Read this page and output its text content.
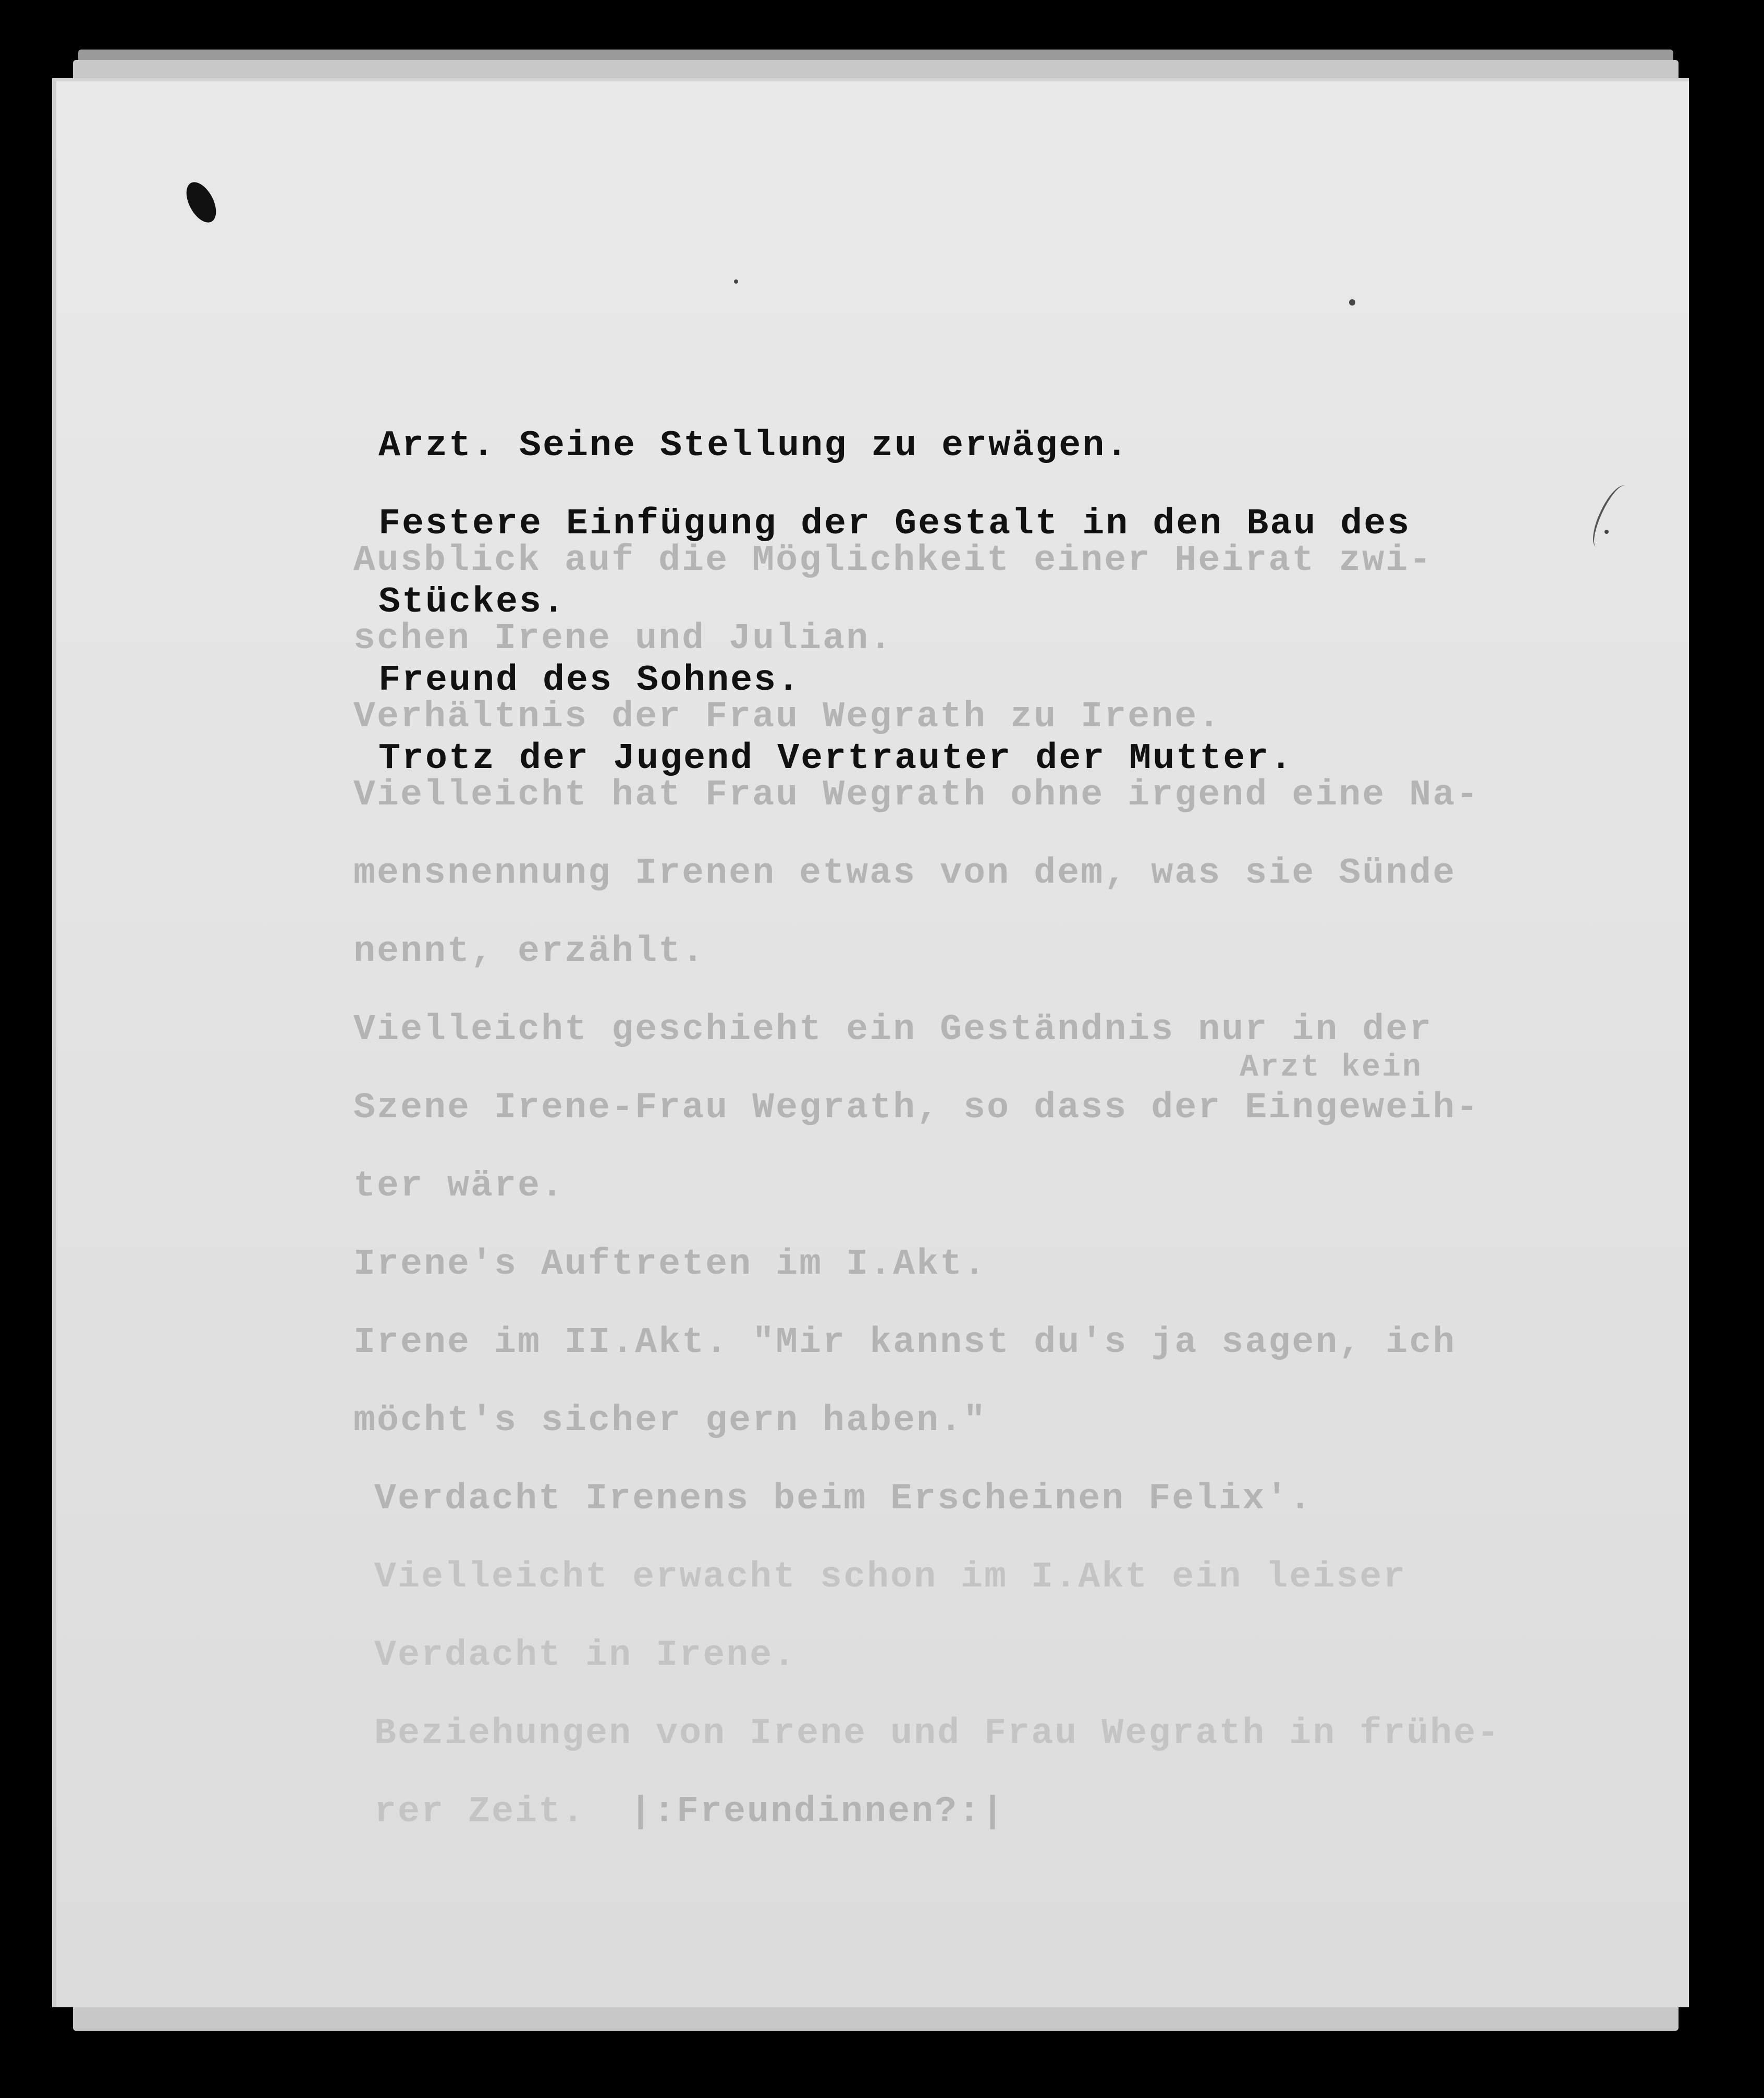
Ausblick auf die Möglichkeit einer Heirat zwi-
schen Irene und Julian.
Verhältnis der Frau Wegrath zu Irene.
Vielleicht hat Frau Wegrath ohne irgend eine Na-
mensnennung Irenen etwas von dem, was sie Sünde
nennt, erzählt.
Vielleicht geschieht ein Geständnis nur in der
Arzt kein
Szene Irene-Frau Wegrath, so dass der Eingeweih-
ter wäre.
Irene's Auftreten im I.Akt.
Irene im II.Akt. "Mir kannst du's ja sagen, ich
möcht's sicher gern haben."
Verdacht Irenens beim Erscheinen Felix'.
Vielleicht erwacht schon im I.Akt ein leiser
Verdacht in Irene.
Beziehungen von Irene und Frau Wegrath in frühe-
rer Zeit. |:Freundinnen?:|
Arzt. Seine Stellung zu erwägen.
Festere Einfügung der Gestalt in den Bau des
Stückes.
Freund des Sohnes.
Trotz der Jugend Vertrauter der Mutter.
